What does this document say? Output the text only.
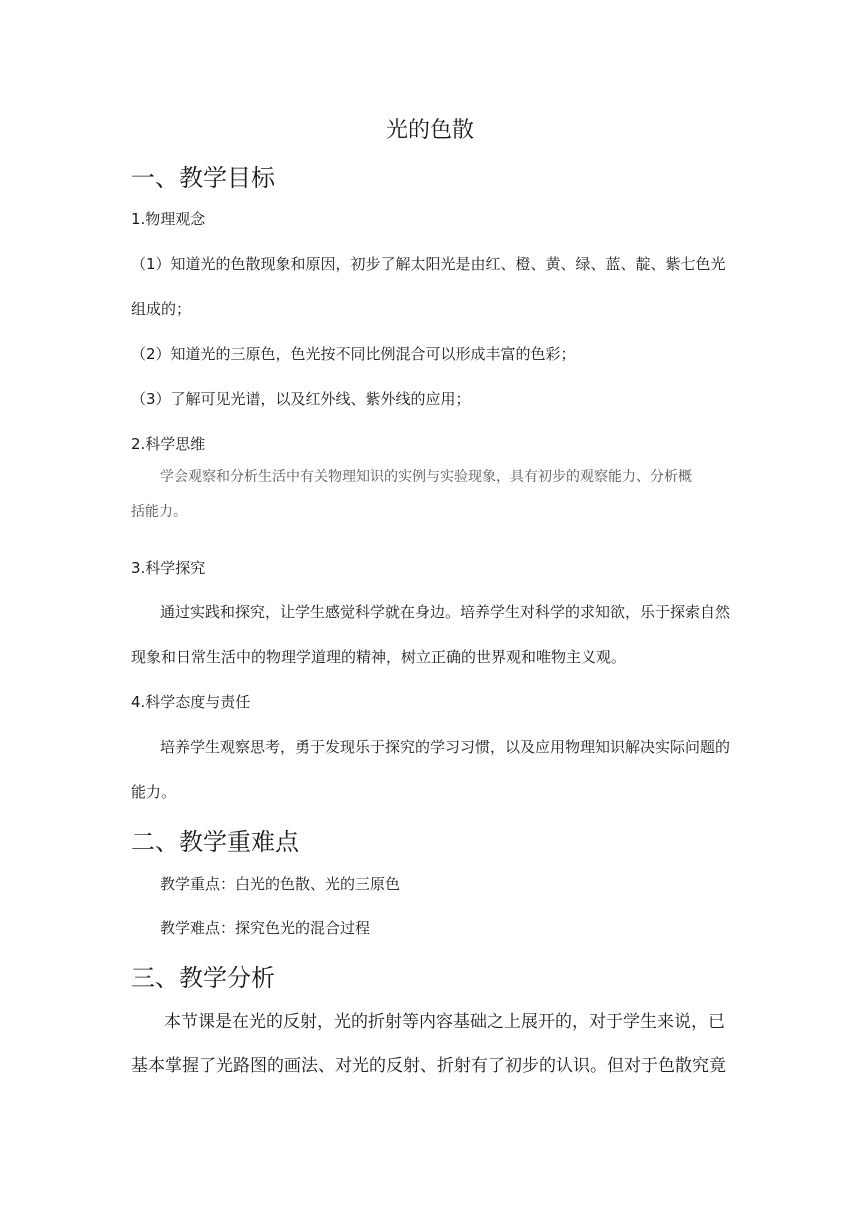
光的色散
一、教学目标
1.物理观念
（1）知道光的色散现象和原因，初步了解太阳光是由红、橙、黄、绿、蓝、靛、紫七色光
组成的；
（2）知道光的三原色，色光按不同比例混合可以形成丰富的色彩；
（3）了解可见光谱，以及红外线、紫外线的应用；
2.科学思维
学会观察和分析生活中有关物理知识的实例与实验现象，具有初步的观察能力、分析概
括能力。
3.科学探究
通过实践和探究，让学生感觉科学就在身边。培养学生对科学的求知欲，乐于探索自然
现象和日常生活中的物理学道理的精神，树立正确的世界观和唯物主义观。
4.科学态度与责任
培养学生观察思考，勇于发现乐于探究的学习习惯，以及应用物理知识解决实际问题的
能力。
二、教学重难点
教学重点：白光的色散、光的三原色
教学难点：探究色光的混合过程
三、教学分析
本节课是在光的反射，光的折射等内容基础之上展开的，对于学生来说，已
基本掌握了光路图的画法、对光的反射、折射有了初步的认识。但对于色散究竟
